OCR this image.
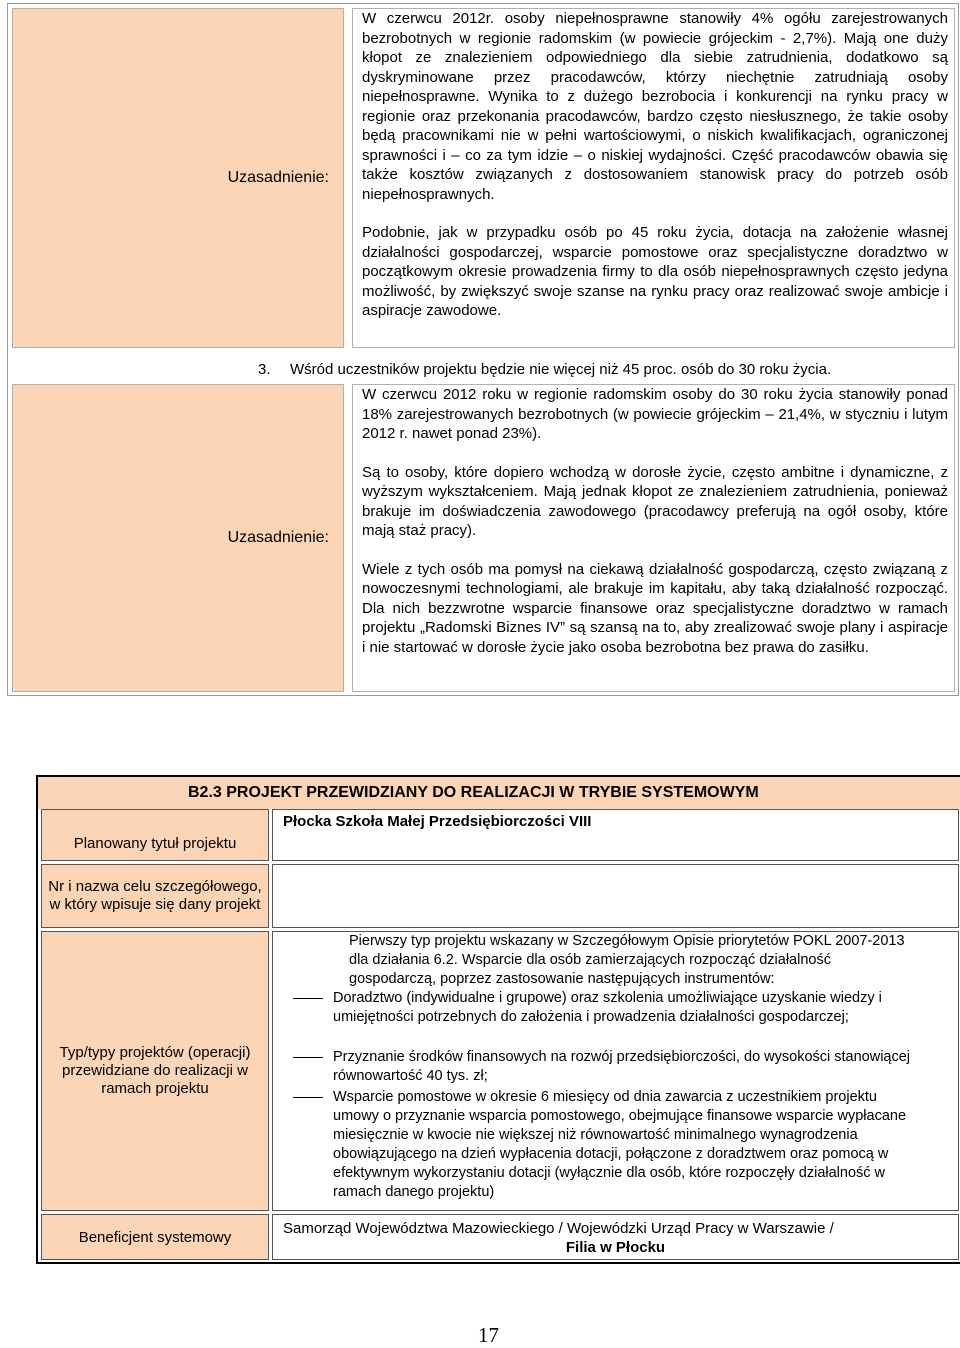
Uzasadnienie:

W czerwcu 2012r. osoby niepełnosprawne stanowiły 4% ogółu zarejestrowanych bezrobotnych w regionie radomskim (w powiecie grójeckim - 2,7%). Mają one duży kłopot ze znalezieniem odpowiedniego dla siebie zatrudnienia, dodatkowo są dyskryminowane przez pracodawców, którzy niechętnie zatrudniają osoby niepełnosprawne. Wynika to z dużego bezrobocia i konkurencji na rynku pracy w regionie oraz przekonania pracodawców, bardzo często niesłusznego, że takie osoby będą pracownikami nie w pełni wartościowymi, o niskich kwalifikacjach, ograniczonej sprawności i – co za tym idzie – o niskiej wydajności. Część pracodawców obawia się także kosztów związanych z dostosowaniem stanowisk pracy do potrzeb osób niepełnosprawnych.

Podobnie, jak w przypadku osób po 45 roku życia, dotacja na założenie własnej działalności gospodarczej, wsparcie pomostowe oraz specjalistyczne doradztwo w początkowym okresie prowadzenia firmy to dla osób niepełnosprawnych często jedyna możliwość, by zwiększyć swoje szanse na rynku pracy oraz realizować swoje ambicje i aspiracje zawodowe.

3. Wśród uczestników projektu będzie nie więcej niż 45 proc. osób do 30 roku życia.
Uzasadnienie:

W czerwcu 2012 roku w regionie radomskim osoby do 30 roku życia stanowiły ponad 18% zarejestrowanych bezrobotnych (w powiecie grójeckim – 21,4%, w styczniu i lutym 2012 r. nawet ponad 23%).

Są to osoby, które dopiero wchodzą w dorosłe życie, często ambitne i dynamiczne, z wyższym wykształceniem. Mają jednak kłopot ze znalezieniem zatrudnienia, ponieważ brakuje im doświadczenia zawodowego (pracodawcy preferują na ogół osoby, które mają staż pracy).

Wiele z tych osób ma pomysł na ciekawą działalność gospodarczą, często związaną z nowoczesnymi technologiami, ale brakuje im kapitału, aby taką działalność rozpocząć. Dla nich bezzwrotne wsparcie finansowe oraz specjalistyczne doradztwo w ramach projektu „Radomski Biznes IV” są szansą na to, aby zrealizować swoje plany i aspiracje i nie startować w dorosłe życie jako osoba bezrobotna bez prawa do zasiłku.

B2.3 PROJEKT PRZEWIDZIANY DO REALIZACJI W TRYBIE SYSTEMOWYM
Planowany tytuł projektu
Nr i nazwa celu szczegółowego, w który wpisuje się dany projekt
Typ/typy projektów (operacji) przewidziane do realizacji w ramach projektu
Beneficjent systemowy
Płocka Szkoła Małej Przedsiębiorczości VIII
Pierwszy typ projektu wskazany w Szczegółowym Opisie priorytetów POKL 2007-2013 dla działania 6.2. Wsparcie dla osób zamierzających rozpocząć działalność gospodarczą, poprzez zastosowanie następujących instrumentów:
Doradztwo (indywidualne i grupowe) oraz szkolenia umożliwiające uzyskanie wiedzy i umiejętności potrzebnych do założenia i prowadzenia działalności gospodarczej;
Przyznanie środków finansowych na rozwój przedsiębiorczości, do wysokości stanowiącej równowartość 40 tys. zł;
Wsparcie pomostowe w okresie 6 miesięcy od dnia zawarcia z uczestnikiem projektu umowy o przyznanie wsparcia pomostowego, obejmujące finansowe wsparcie wypłacane miesięcznie w kwocie nie większej niż równowartość minimalnego wynagrodzenia obowiązującego na dzień wypłacenia dotacji, połączone z doradztwem oraz pomocą w efektywnym wykorzystaniu dotacji (wyłącznie dla osób, które rozpoczęły działalność w ramach danego projektu)
Samorząd Województwa Mazowieckiego / Wojewódzki Urząd Pracy w Warszawie /
Filia w Płocku
17
